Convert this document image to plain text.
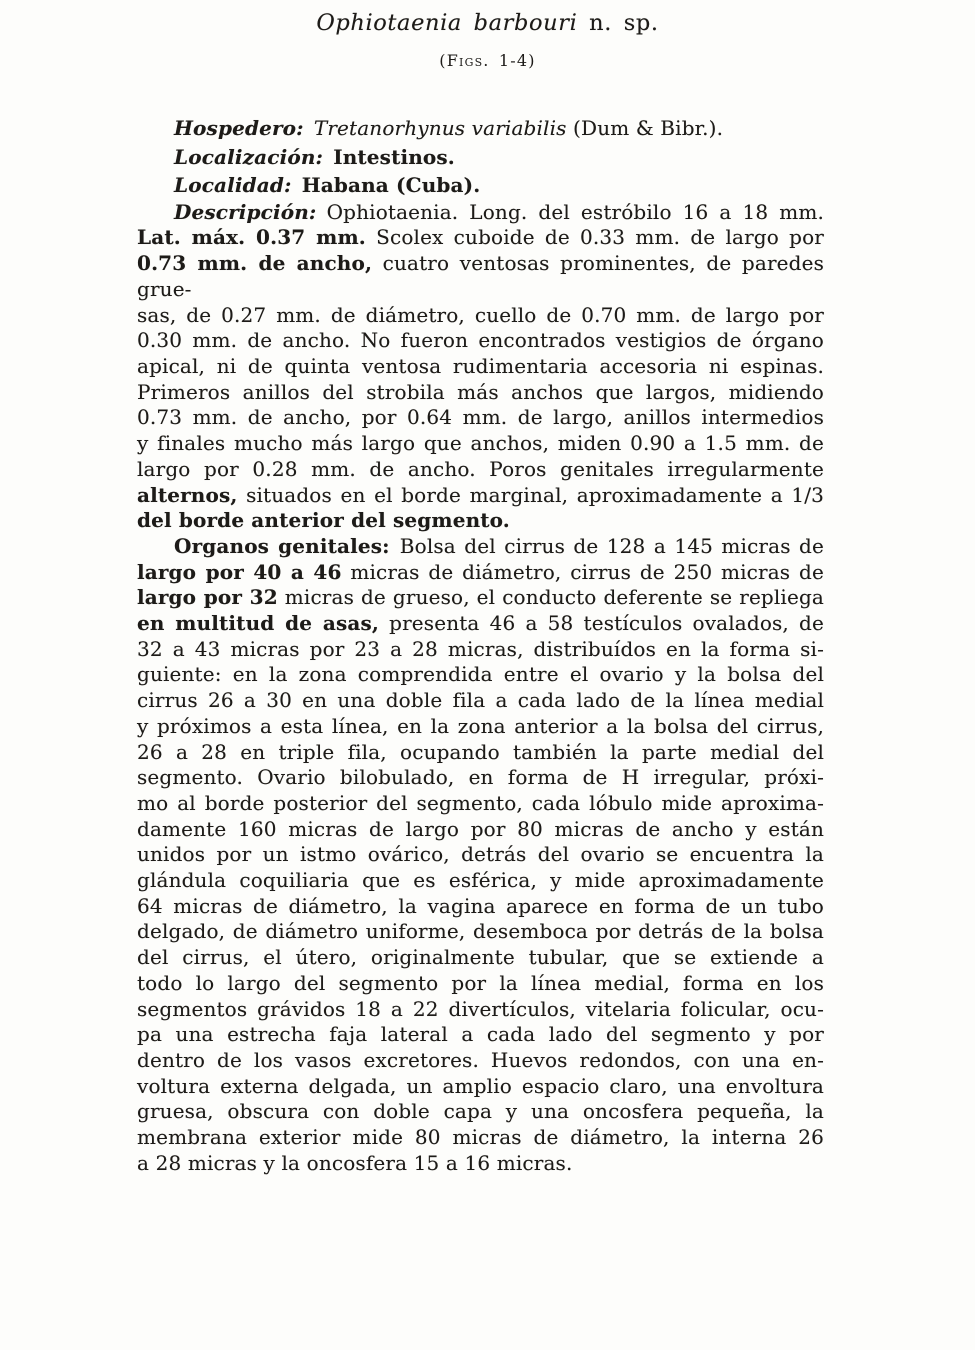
Ophiotaenia barbouri n. sp.
(Figs. 1-4)
Hospedero:  Tretanorhynus variabilis (Dum & Bibr.).
Localización:  Intestinos.
Localidad:  Habana (Cuba).
Descripción: Ophiotaenia. Long. del estróbilo 16 a 18 mm.
Lat. máx. 0.37 mm. Scolex cuboide de 0.33 mm. de largo por
0.73 mm. de ancho, cuatro ventosas prominentes, de paredes grue-
sas, de 0.27 mm. de diámetro, cuello de 0.70 mm. de largo por
0.30 mm. de ancho. No fueron encontrados vestigios de órgano
apical, ni de quinta ventosa rudimentaria accesoria ni espinas.
Primeros anillos del strobila más anchos que largos, midiendo
0.73 mm. de ancho, por 0.64 mm. de largo, anillos intermedios
y finales mucho más largo que anchos, miden 0.90 a 1.5 mm. de
largo por 0.28 mm. de ancho. Poros genitales irregularmente
alternos, situados en el borde marginal, aproximadamente a 1/3
del borde anterior del segmento.
Organos genitales: Bolsa del cirrus de 128 a 145 micras de
largo por 40 a 46 micras de diámetro, cirrus de 250 micras de
largo por 32 micras de grueso, el conducto deferente se repliega
en multitud de asas, presenta 46 a 58 testículos ovalados, de
32 a 43 micras por 23 a 28 micras, distribuídos en la forma si-
guiente: en la zona comprendida entre el ovario y la bolsa del
cirrus 26 a 30 en una doble fila a cada lado de la línea medial
y próximos a esta línea, en la zona anterior a la bolsa del cirrus,
26 a 28 en triple fila, ocupando también la parte medial del
segmento. Ovario bilobulado, en forma de H irregular, próxi-
mo al borde posterior del segmento, cada lóbulo mide aproxima-
damente 160 micras de largo por 80 micras de ancho y están
unidos por un istmo ovárico, detrás del ovario se encuentra la
glándula coquiliaria que es esférica, y mide aproximadamente
64 micras de diámetro, la vagina aparece en forma de un tubo
delgado, de diámetro uniforme, desemboca por detrás de la bolsa
del cirrus, el útero, originalmente tubular, que se extiende a
todo lo largo del segmento por la línea medial, forma en los
segmentos grávidos 18 a 22 divertículos, vitelaria folicular, ocu-
pa una estrecha faja lateral a cada lado del segmento y por
dentro de los vasos excretores. Huevos redondos, con una en-
voltura externa delgada, un amplio espacio claro, una envoltura
gruesa, obscura con doble capa y una oncosfera pequeña, la
membrana exterior mide 80 micras de diámetro, la interna 26
a 28 micras y la oncosfera 15 a 16 micras.
